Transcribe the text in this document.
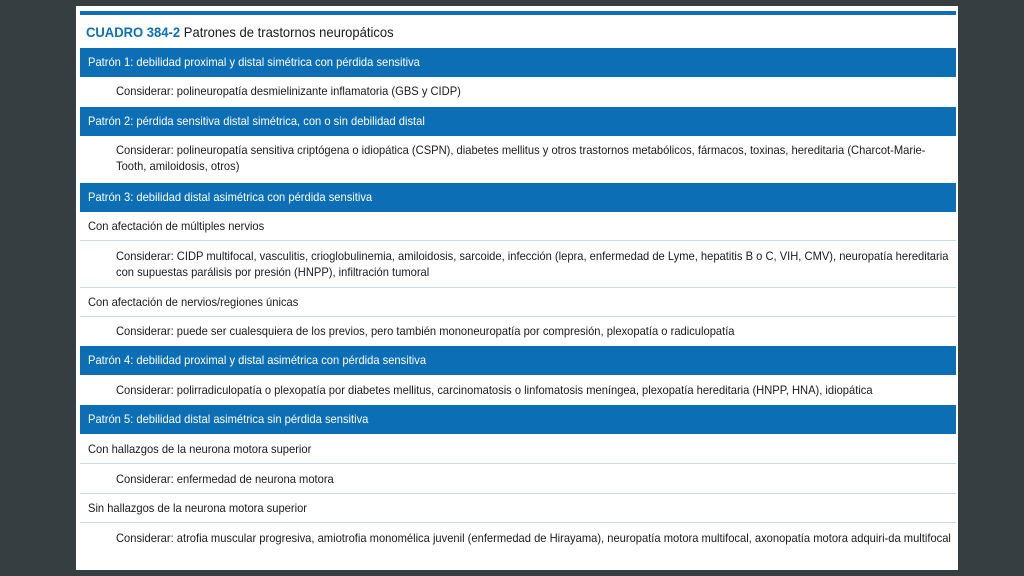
CUADRO 384-2 Patrones de trastornos neuropáticos
Patrón 1: debilidad proximal y distal simétrica con pérdida sensitiva
Considerar: polineuropatía desmielinizante inflamatoria (GBS y CIDP)
Patrón 2: pérdida sensitiva distal simétrica, con o sin debilidad distal
Considerar: polineuropatía sensitiva criptógena o idiopática (CSPN), diabetes mellitus y otros trastornos metabólicos, fármacos, toxinas, hereditaria (Charcot-Marie-Tooth, amiloidosis, otros)
Patrón 3: debilidad distal asimétrica con pérdida sensitiva
Con afectación de múltiples nervios
Considerar: CIDP multifocal, vasculitis, crioglobulinemia, amiloidosis, sarcoide, infección (lepra, enfermedad de Lyme, hepatitis B o C, VIH, CMV), neuropatía hereditaria con supuestas parálisis por presión (HNPP), infiltración tumoral
Con afectación de nervios/regiones únicas
Considerar: puede ser cualesquiera de los previos, pero también mononeuropatía por compresión, plexopatía o radiculopatía
Patrón 4: debilidad proximal y distal asimétrica con pérdida sensitiva
Considerar: polirradiculopatía o plexopatía por diabetes mellitus, carcinomatosis o linfomatosis meníngea, plexopatía hereditaria (HNPP, HNA), idiopática
Patrón 5: debilidad distal asimétrica sin pérdida sensitiva
Con hallazgos de la neurona motora superior
Considerar: enfermedad de neurona motora
Sin hallazgos de la neurona motora superior
Considerar: atrofia muscular progresiva, amiotrofia monomélica juvenil (enfermedad de Hirayama), neuropatía motora multifocal, axonopatía motora adquiri-da multifocal
